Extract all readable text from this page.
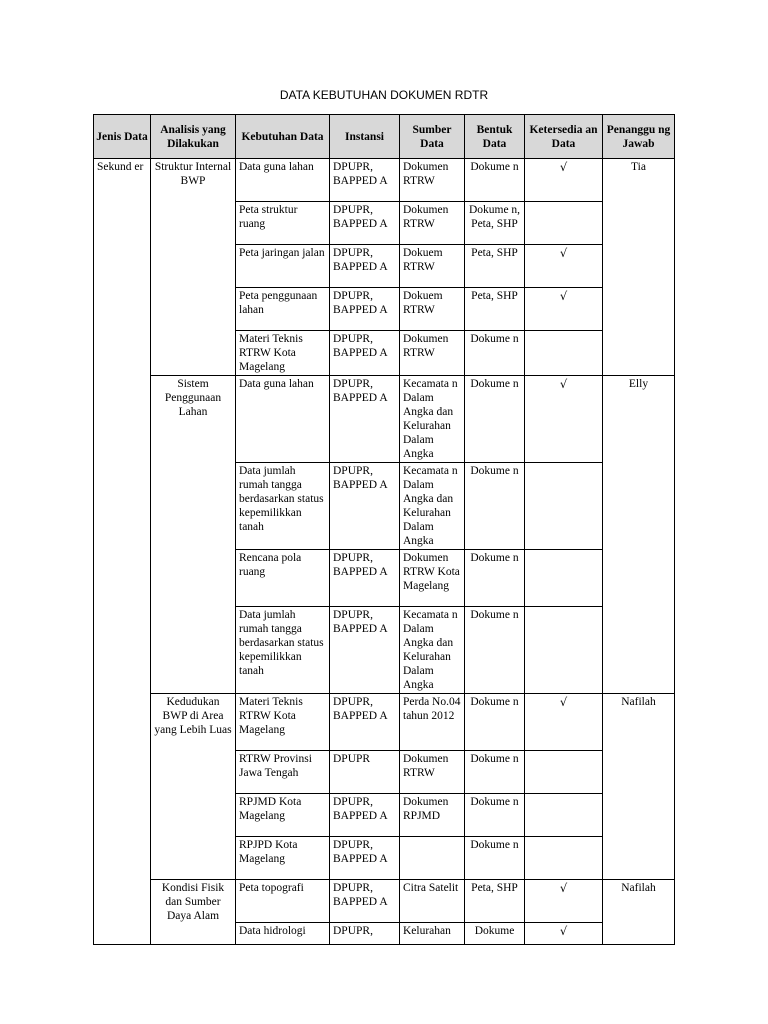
DATA KEBUTUHAN DOKUMEN RDTR
Jenis Data	Analisis yang Dilakukan	Kebutuhan Data	Instansi	Sumber Data	Bentuk Data	Ketersedia an Data	Penanggu ng Jawab
Sekund er	Struktur Internal BWP	Data guna lahan	DPUPR, BAPPED A	Dokumen RTRW	Dokume n	√	Tia
		Peta struktur ruang	DPUPR, BAPPED A	Dokumen RTRW	Dokume n, Peta, SHP		
		Peta jaringan jalan	DPUPR, BAPPED A	Dokuem RTRW	Peta, SHP	√	
		Peta penggunaan lahan	DPUPR, BAPPED A	Dokuem RTRW	Peta, SHP	√	
		Materi Teknis RTRW Kota Magelang	DPUPR, BAPPED A	Dokumen RTRW	Dokume n		
	Sistem Penggunaan Lahan	Data guna lahan	DPUPR, BAPPED A	Kecamata n Dalam Angka dan Kelurahan Dalam Angka	Dokume n	√	Elly
		Data jumlah rumah tangga berdasarkan status kepemilikkan tanah	DPUPR, BAPPED A	Kecamata n Dalam Angka dan Kelurahan Dalam Angka	Dokume n		
		Rencana pola ruang	DPUPR, BAPPED A	Dokumen RTRW Kota Magelang	Dokume n		
		Data jumlah rumah tangga berdasarkan status kepemilikkan tanah	DPUPR, BAPPED A	Kecamata n Dalam Angka dan Kelurahan Dalam Angka	Dokume n		
	Kedudukan BWP di Area yang Lebih Luas	Materi Teknis RTRW Kota Magelang	DPUPR, BAPPED A	Perda No.04 tahun 2012	Dokume n	√	Nafilah
		RTRW Provinsi Jawa Tengah	DPUPR	Dokumen RTRW	Dokume n		
		RPJMD Kota Magelang	DPUPR, BAPPED A	Dokumen RPJMD	Dokume n		
		RPJPD Kota Magelang	DPUPR, BAPPED A		Dokume n		
	Kondisi Fisik dan Sumber Daya Alam	Peta topografi	DPUPR, BAPPED A	Citra Satelit	Peta, SHP	√	Nafilah
		Data hidrologi	DPUPR,	Kelurahan	Dokume	√	
